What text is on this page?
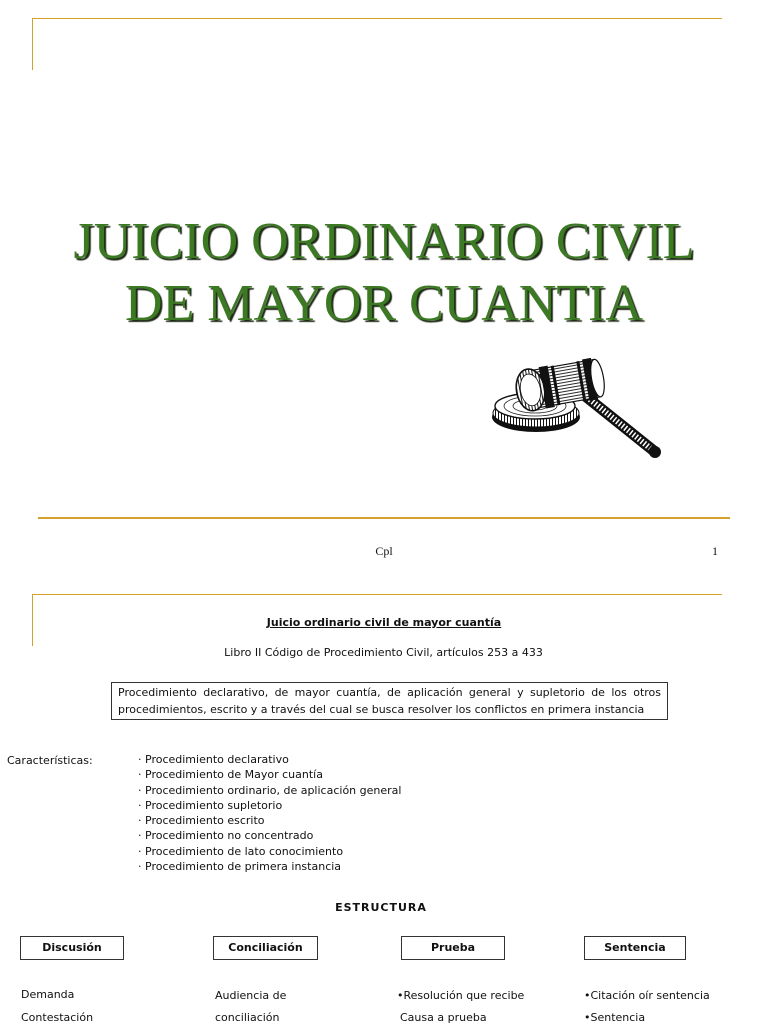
JUICIO ORDINARIO CIVIL
DE MAYOR CUANTIA
Cpl	1
Juicio ordinario civil de mayor cuantía
Libro II Código de Procedimiento Civil, artículos 253 a 433
Procedimiento declarativo, de mayor cuantía, de aplicación general y supletorio de los otros procedimientos, escrito y a través del cual se busca resolver los conflictos en primera instancia
Características:
·	Procedimiento declarativo
· Procedimiento de Mayor cuantía
· Procedimiento ordinario, de aplicación general
· Procedimiento supletorio
· Procedimiento escrito
· Procedimiento no concentrado
· Procedimiento de lato conocimiento
· Procedimiento de primera instancia
ESTRUCTURA
Discusión	Conciliación	Prueba	Sentencia
Demanda
Contestación
Audiencia de
conciliación
•Resolución que recibe
Causa a prueba
•Citación oír sentencia
•Sentencia
